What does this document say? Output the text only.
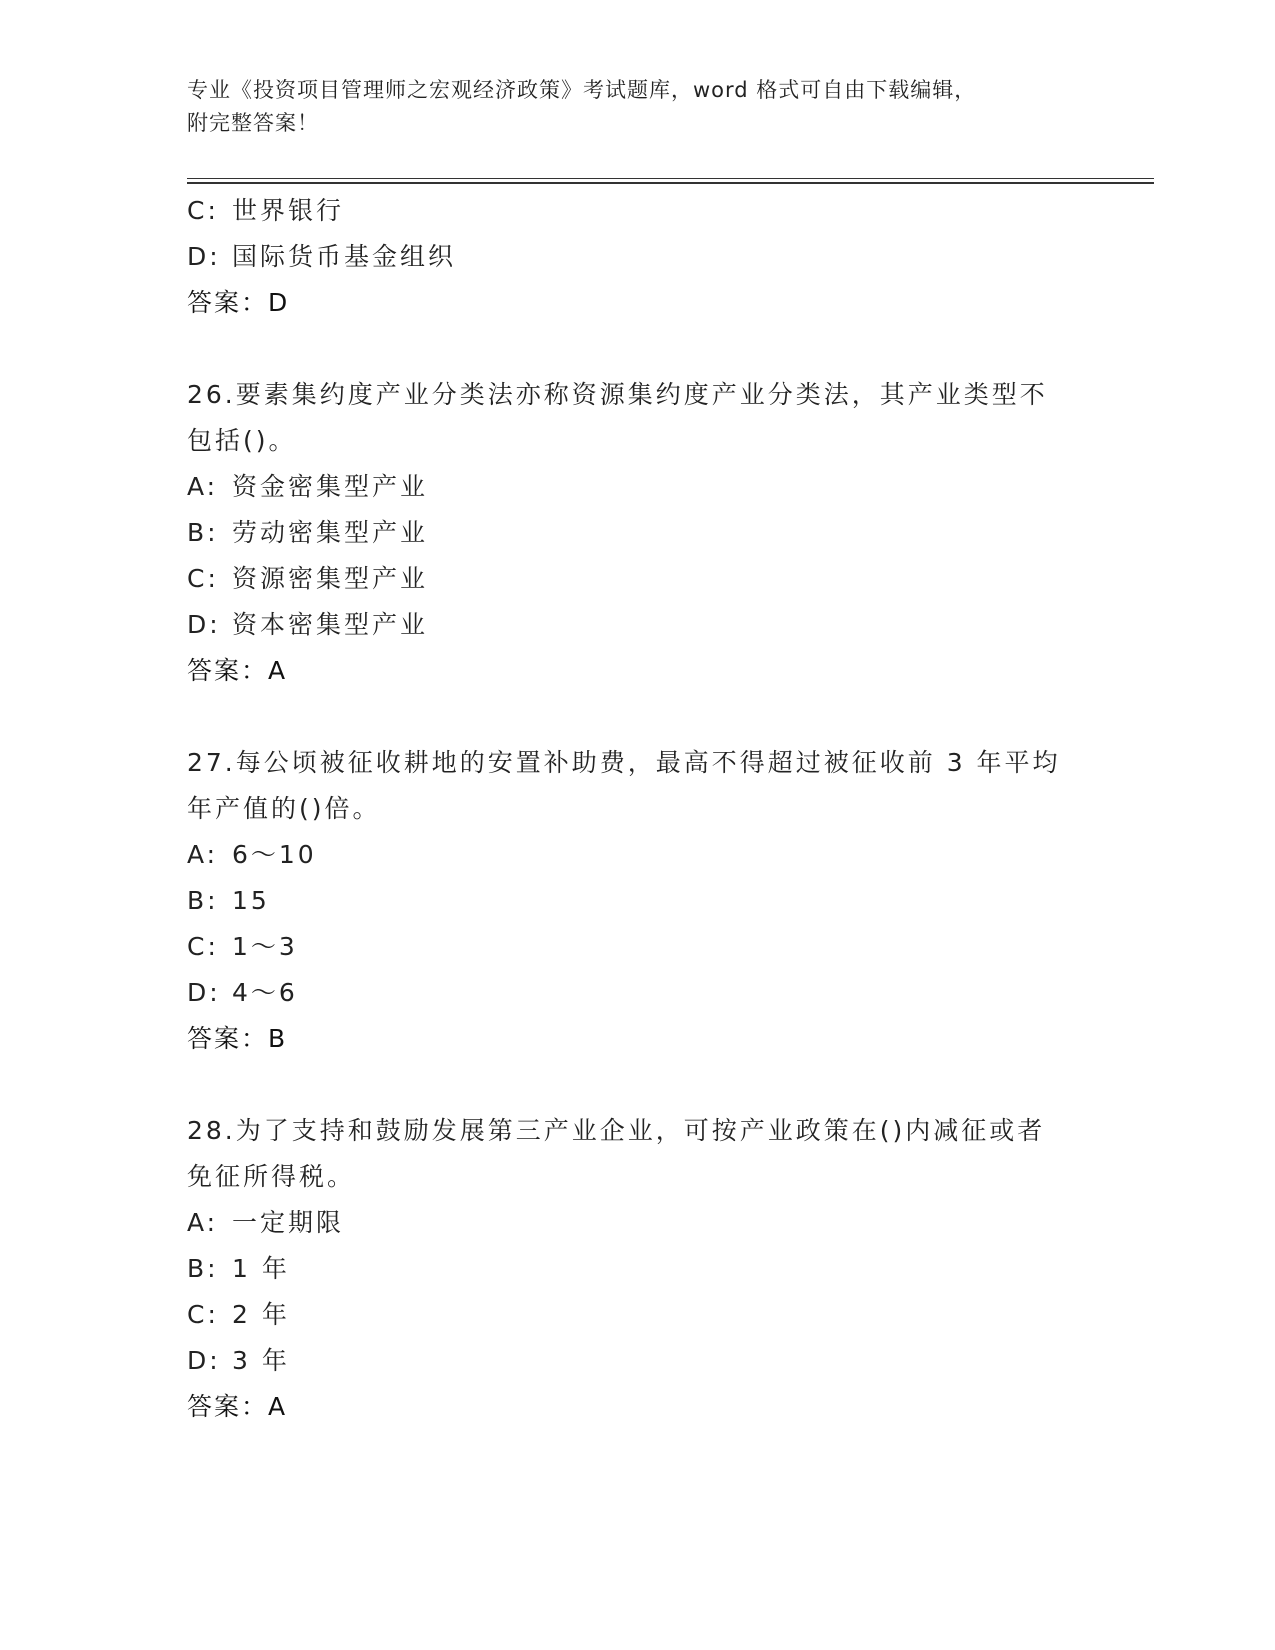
专业《投资项目管理师之宏观经济政策》考试题库，word 格式可自由下载编辑，
附完整答案！
C: 世界银行
D: 国际货币基金组织
答案：D
26.要素集约度产业分类法亦称资源集约度产业分类法，其产业类型不
包括()。
A: 资金密集型产业
B: 劳动密集型产业
C: 资源密集型产业
D: 资本密集型产业
答案：A
27.每公顷被征收耕地的安置补助费，最高不得超过被征收前 3 年平均
年产值的()倍。
A: 6～10
B: 15
C: 1～3
D: 4～6
答案：B
28.为了支持和鼓励发展第三产业企业，可按产业政策在()内减征或者
免征所得税。
A: 一定期限
B: 1 年
C: 2 年
D: 3 年
答案：A
